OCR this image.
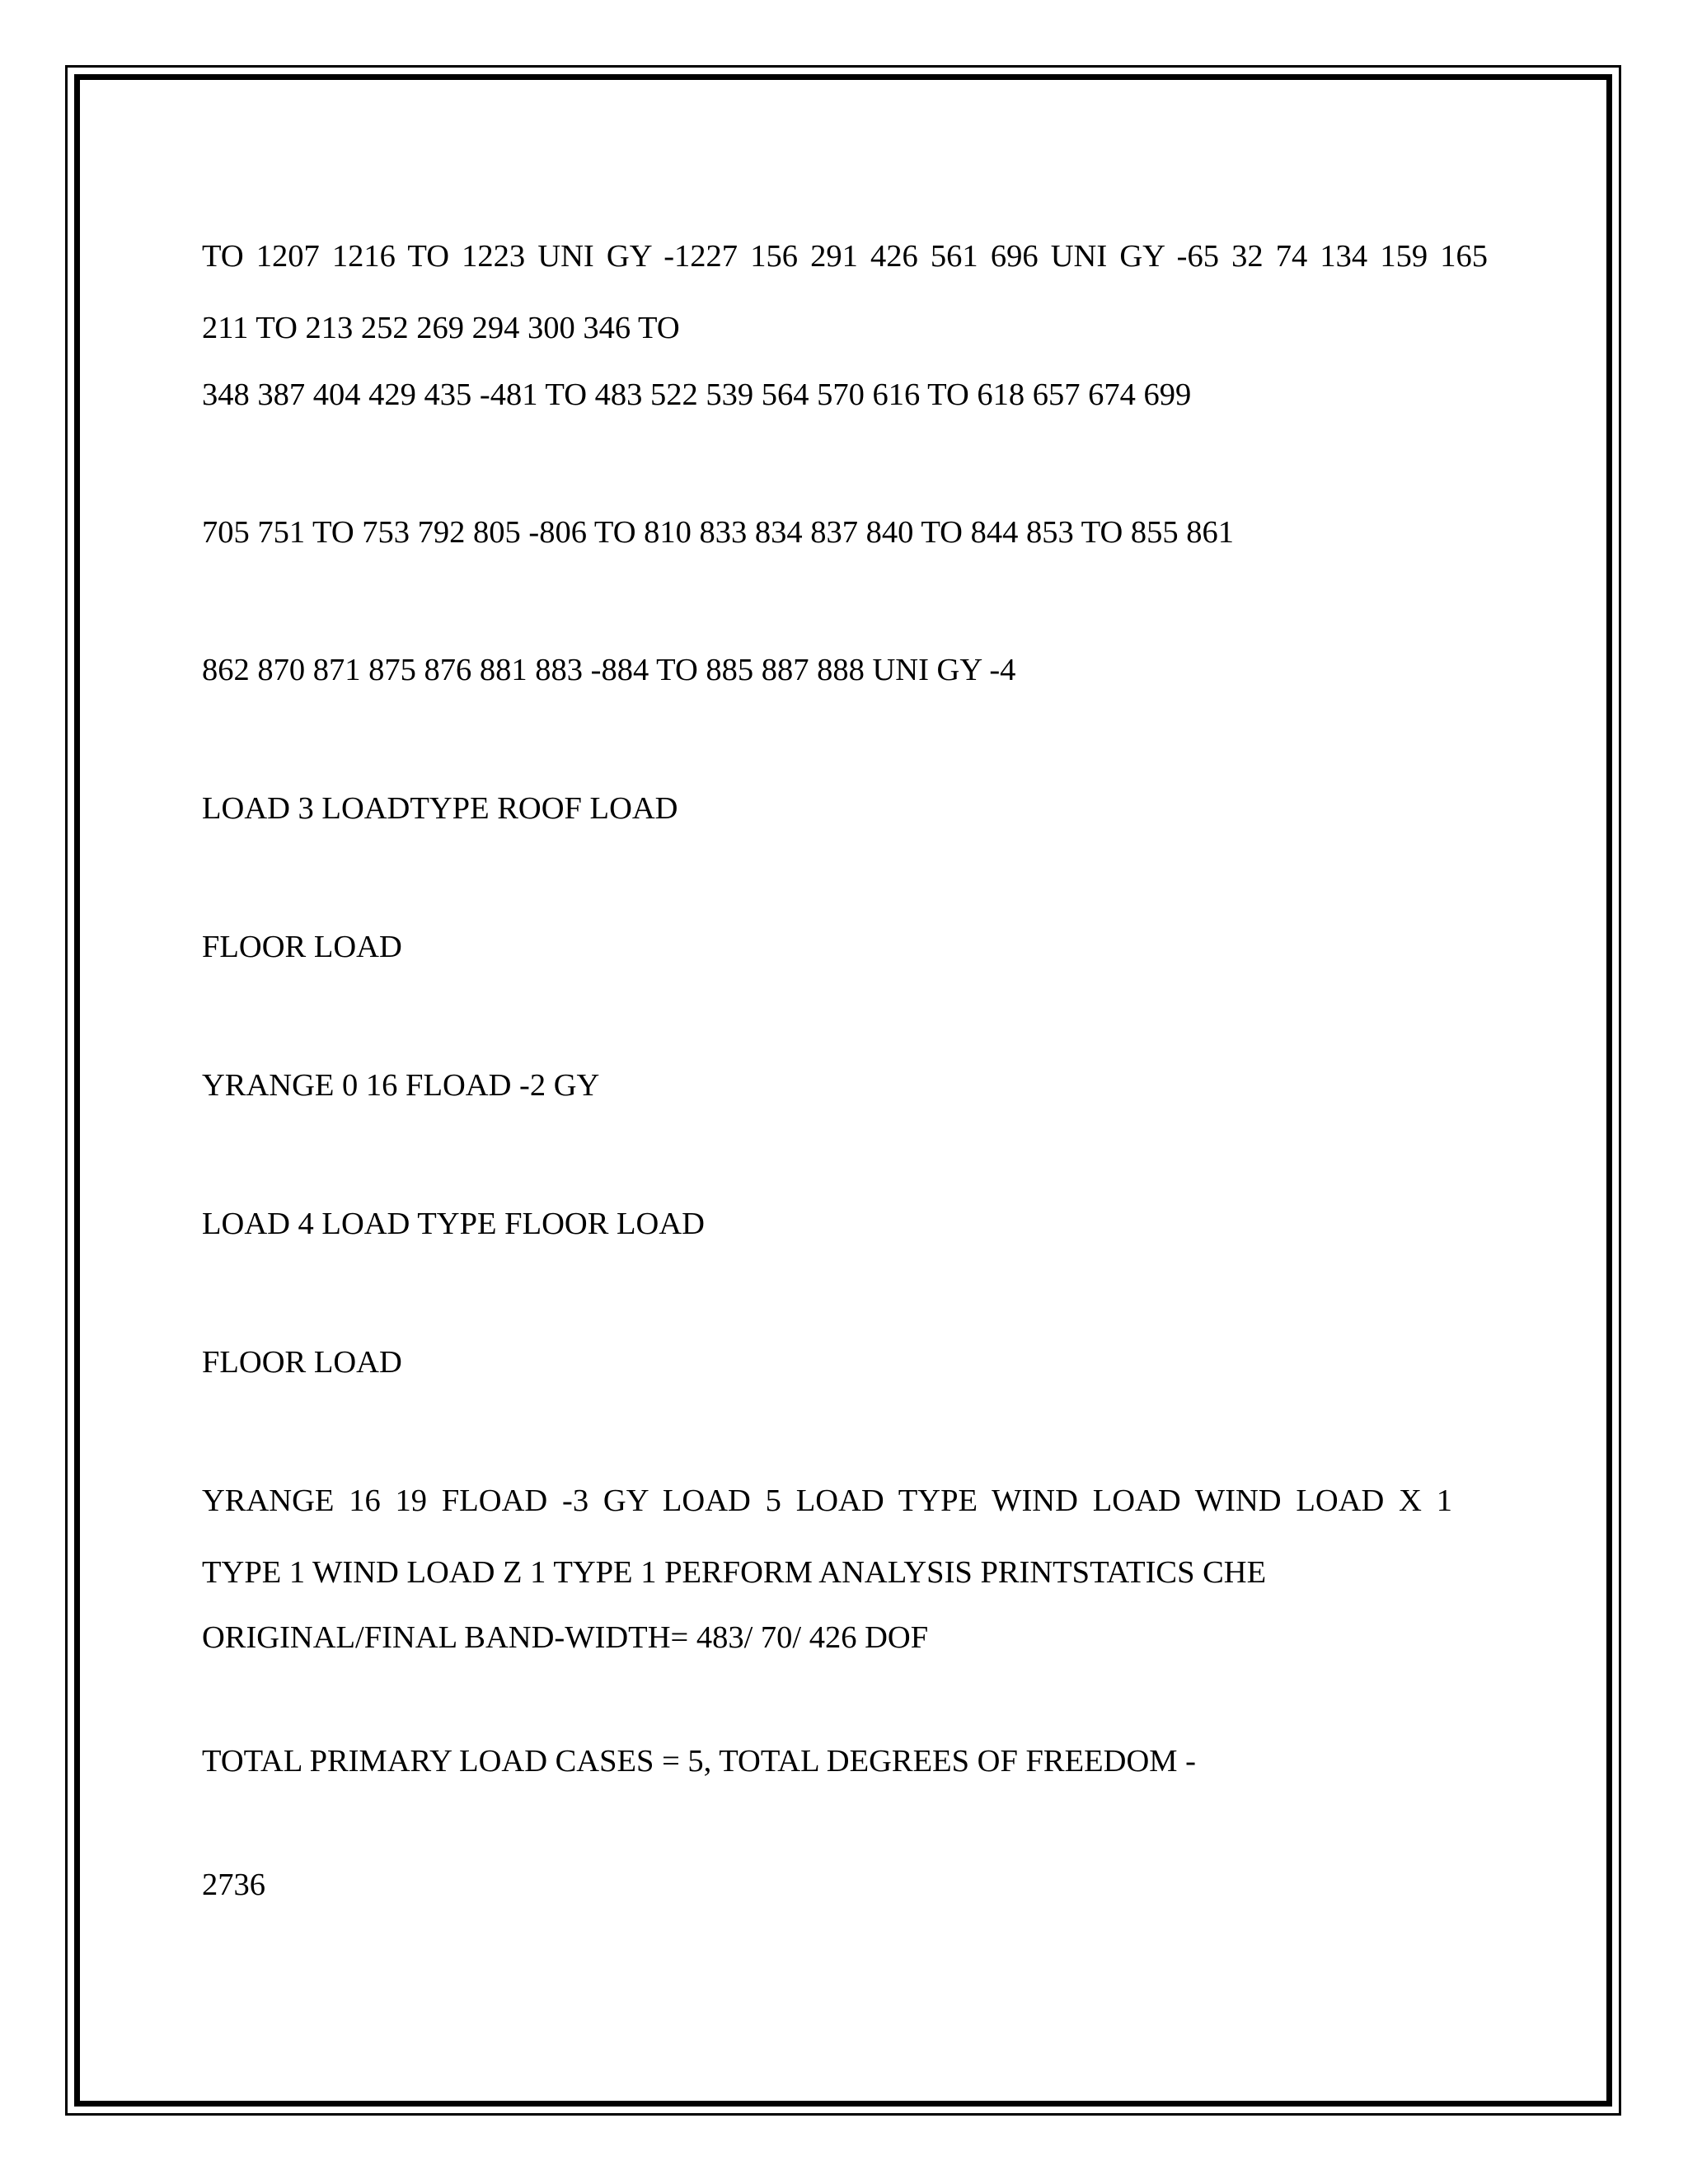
TO 1207 1216 TO 1223 UNI GY -1227 156 291 426 561 696 UNI GY -65 32 74 134 159 165
211 TO 213 252 269 294 300 346 TO
348 387 404 429 435 -481 TO 483 522 539 564 570 616 TO 618 657 674 699
705 751 TO 753 792 805 -806 TO 810 833 834 837 840 TO 844 853 TO 855 861
862 870 871 875 876 881 883 -884 TO 885 887 888 UNI GY -4
LOAD 3 LOADTYPE ROOF LOAD
FLOOR LOAD
YRANGE 0 16 FLOAD -2 GY
LOAD 4 LOAD TYPE FLOOR LOAD
FLOOR LOAD
YRANGE 16 19 FLOAD -3 GY LOAD 5 LOAD TYPE WIND LOAD WIND LOAD X 1
TYPE 1 WIND LOAD Z 1 TYPE 1 PERFORM ANALYSIS PRINTSTATICS CHE
ORIGINAL/FINAL BAND-WIDTH= 483/ 70/ 426 DOF
TOTAL PRIMARY LOAD CASES = 5, TOTAL DEGREES OF FREEDOM -
2736
